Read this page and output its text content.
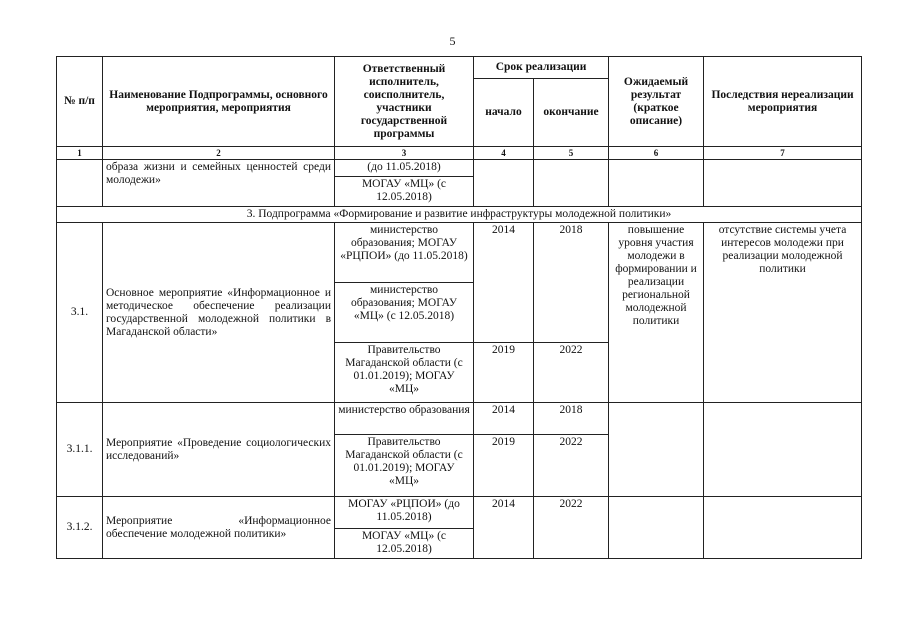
5
№ п/п	Наименование Подпрограммы, основного мероприятия, мероприятия	Ответственный исполнитель, соисполнитель, участники государственной программы	Срок реализации		Ожидаемый результат (краткое описание)	Последствия нереализации мероприятия
			начало	окончание		
1	2	3	4	5	6	7
	образа жизни и семейных ценностей среди молодежи»	(до 11.05.2018)				
		МОГАУ «МЦ» (с 12.05.2018)				
3. Подпрограмма «Формирование и развитие инфраструктуры молодежной политики»						
3.1.	Основное мероприятие «Информационное и методическое обеспечение реализации государственной молодежной политики в Магаданской области»	министерство образования; МОГАУ «РЦПОИ» (до 11.05.2018)	2014	2018	повышение уровня участия молодежи в формировании и реализации региональной молодежной политики	отсутствие системы учета интересов молодежи при реализации молодежной политики
		министерство образования; МОГАУ «МЦ» (с 12.05.2018)				
		Правительство Магаданской области (с 01.01.2019); МОГАУ «МЦ»	2019	2022		
3.1.1.	Мероприятие «Проведение социологических исследований»	министерство образования	2014	2018		
		Правительство Магаданской области (с 01.01.2019); МОГАУ «МЦ»	2019	2022		
3.1.2.	Мероприятие «Информационное обеспечение молодежной политики»	МОГАУ «РЦПОИ» (до 11.05.2018)	2014	2022		
		МОГАУ «МЦ» (с 12.05.2018)				
